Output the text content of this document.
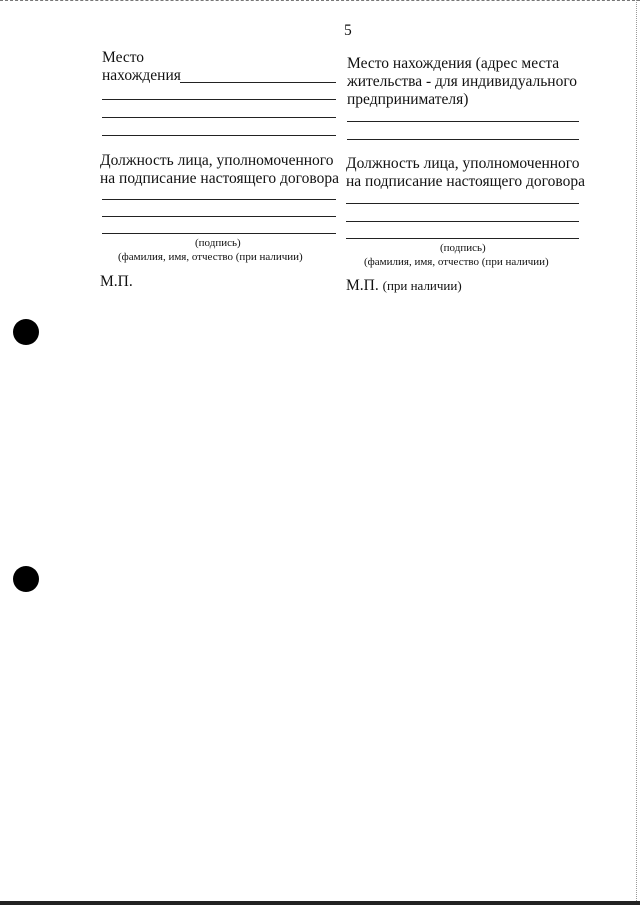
5
Место
нахождения
Должность лица, уполномоченного
на подписание настоящего договора
(подпись)
(фамилия, имя, отчество (при наличии)
М.П.
Место нахождения (адрес места
жительства - для индивидуального
предпринимателя)
Должность лица, уполномоченного
на подписание настоящего договора
(подпись)
(фамилия, имя, отчество (при наличии)
М.П. (при наличии)
